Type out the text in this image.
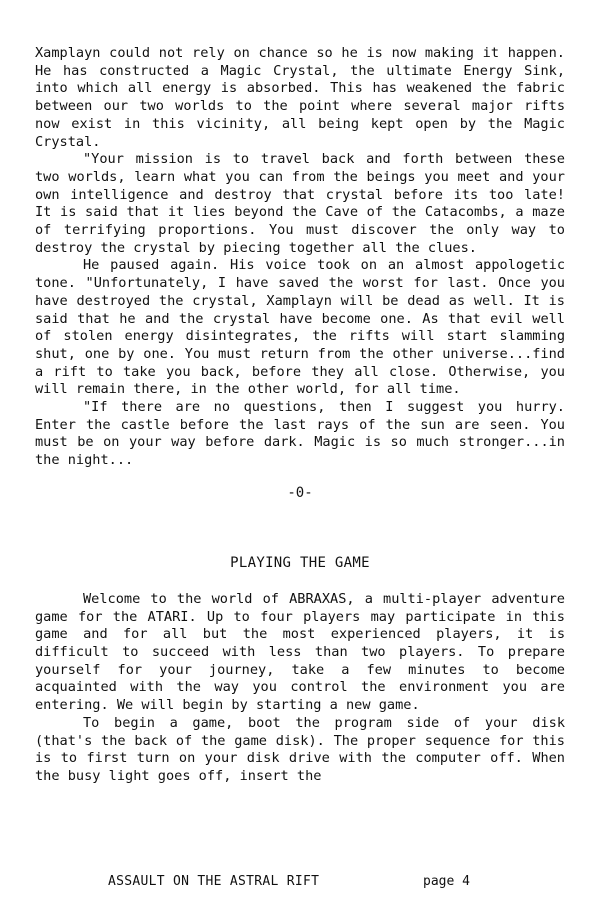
Xamplayn could not rely on chance so he is now making it happen. He has constructed a Magic Crystal, the ultimate Energy Sink, into which all energy is absorbed. This has weakened the fabric between our two worlds to the point where several major rifts now exist in this vicinity, all being kept open by the Magic Crystal.

"Your mission is to travel back and forth between these two worlds, learn what you can from the beings you meet and your own intelligence and destroy that crystal before its too late! It is said that it lies beyond the Cave of the Catacombs, a maze of terrifying proportions. You must discover the only way to destroy the crystal by piecing together all the clues.

He paused again. His voice took on an almost appologetic tone. "Unfortunately, I have saved the worst for last. Once you have destroyed the crystal, Xamplayn will be dead as well. It is said that he and the crystal have become one. As that evil well of stolen energy disintegrates, the rifts will start slamming shut, one by one. You must return from the other universe...find a rift to take you back, before they all close. Otherwise, you will remain there, in the other world, for all time.

"If there are no questions, then I suggest you hurry. Enter the castle before the last rays of the sun are seen. You must be on your way before dark. Magic is so much stronger...in the night...

-0-

PLAYING THE GAME

Welcome to the world of ABRAXAS, a multi-player adventure game for the ATARI. Up to four players may participate in this game and for all but the most experienced players, it is difficult to succeed with less than two players. To prepare yourself for your journey, take a few minutes to become acquainted with the way you control the environment you are entering. We will begin by starting a new game.

To begin a game, boot the program side of your disk (that's the back of the game disk). The proper sequence for this is to first turn on your disk drive with the computer off. When the busy light goes off, insert the

ASSAULT ON THE ASTRAL RIFT	page 4
